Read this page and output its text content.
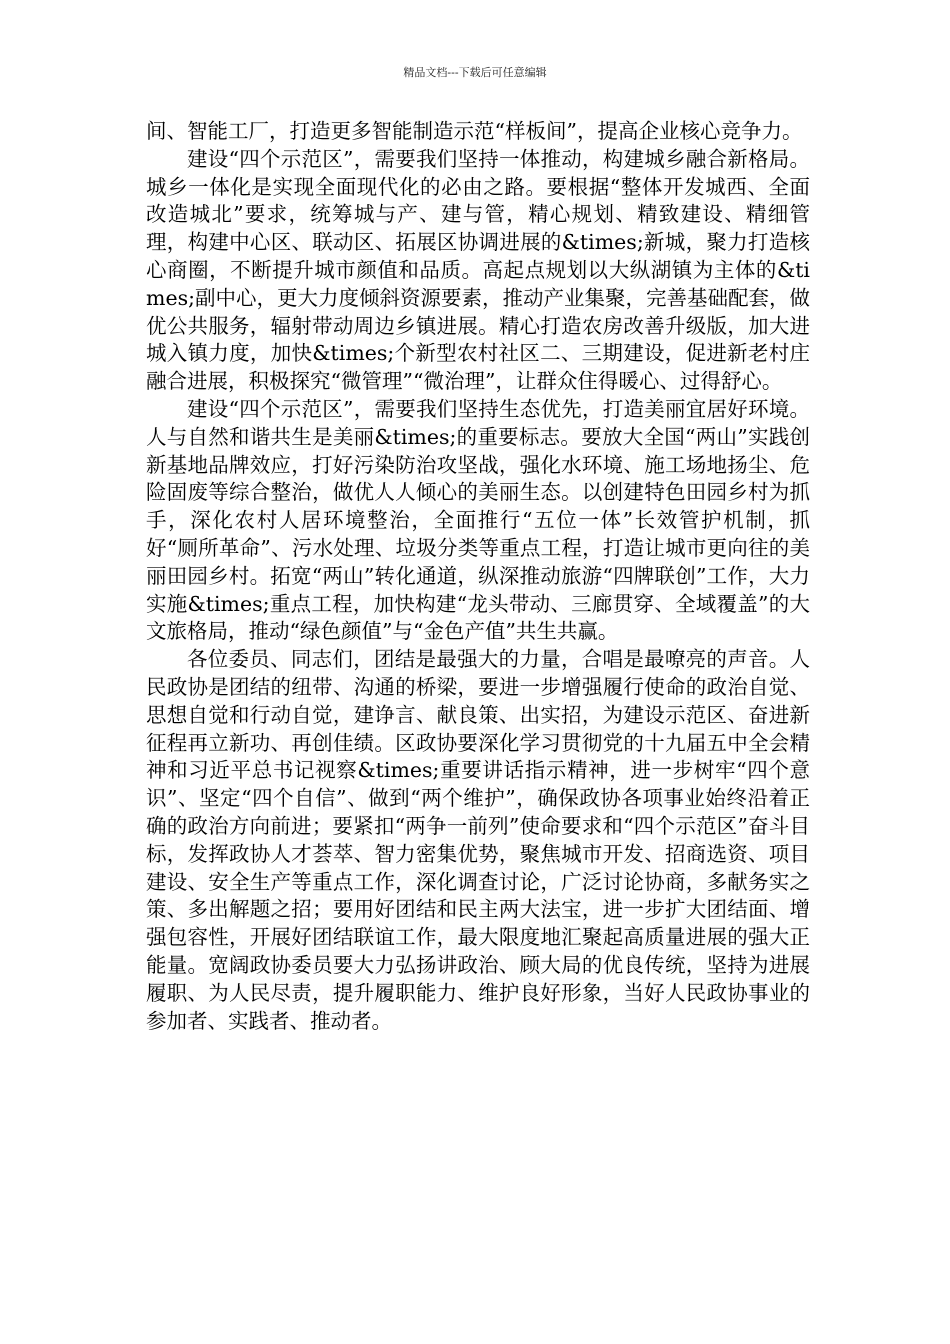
精品文档---下载后可任意编辑

间、智能工厂，打造更多智能制造示范“样板间”，提高企业核心竞争力。

建设“四个示范区”，需要我们坚持一体推动，构建城乡融合新格局。城乡一体化是实现全面现代化的必由之路。要根据“整体开发城西、全面改造城北”要求，统筹城与产、建与管，精心规划、精致建设、精细管理，构建中心区、联动区、拓展区协调进展的&times;新城，聚力打造核心商圈，不断提升城市颜值和品质。高起点规划以大纵湖镇为主体的&times;副中心，更大力度倾斜资源要素，推动产业集聚，完善基础配套，做优公共服务，辐射带动周边乡镇进展。精心打造农房改善升级版，加大进城入镇力度，加快&times;个新型农村社区二、三期建设，促进新老村庄融合进展，积极探究“微管理”“微治理”，让群众住得暖心、过得舒心。

建设“四个示范区”，需要我们坚持生态优先，打造美丽宜居好环境。人与自然和谐共生是美丽&times;的重要标志。要放大全国“两山”实践创新基地品牌效应，打好污染防治攻坚战，强化水环境、施工场地扬尘、危险固废等综合整治，做优人人倾心的美丽生态。以创建特色田园乡村为抓手，深化农村人居环境整治，全面推行“五位一体”长效管护机制，抓好“厕所革命”、污水处理、垃圾分类等重点工程，打造让城市更向往的美丽田园乡村。拓宽“两山”转化通道，纵深推动旅游“四牌联创”工作，大力实施&times;重点工程，加快构建“龙头带动、三廊贯穿、全域覆盖”的大文旅格局，推动“绿色颜值”与“金色产值”共生共赢。

各位委员、同志们，团结是最强大的力量，合唱是最嘹亮的声音。人民政协是团结的纽带、沟通的桥梁，要进一步增强履行使命的政治自觉、思想自觉和行动自觉，建诤言、献良策、出实招，为建设示范区、奋进新征程再立新功、再创佳绩。区政协要深化学习贯彻党的十九届五中全会精神和习近平总书记视察&times;重要讲话指示精神，进一步树牢“四个意识”、坚定“四个自信”、做到“两个维护”，确保政协各项事业始终沿着正确的政治方向前进；要紧扣“两争一前列”使命要求和“四个示范区”奋斗目标，发挥政协人才荟萃、智力密集优势，聚焦城市开发、招商选资、项目建设、安全生产等重点工作，深化调查讨论，广泛讨论协商，多献务实之策、多出解题之招；要用好团结和民主两大法宝，进一步扩大团结面、增强包容性，开展好团结联谊工作，最大限度地汇聚起高质量进展的强大正能量。宽阔政协委员要大力弘扬讲政治、顾大局的优良传统，坚持为进展履职、为人民尽责，提升履职能力、维护良好形象，当好人民政协事业的参加者、实践者、推动者。
